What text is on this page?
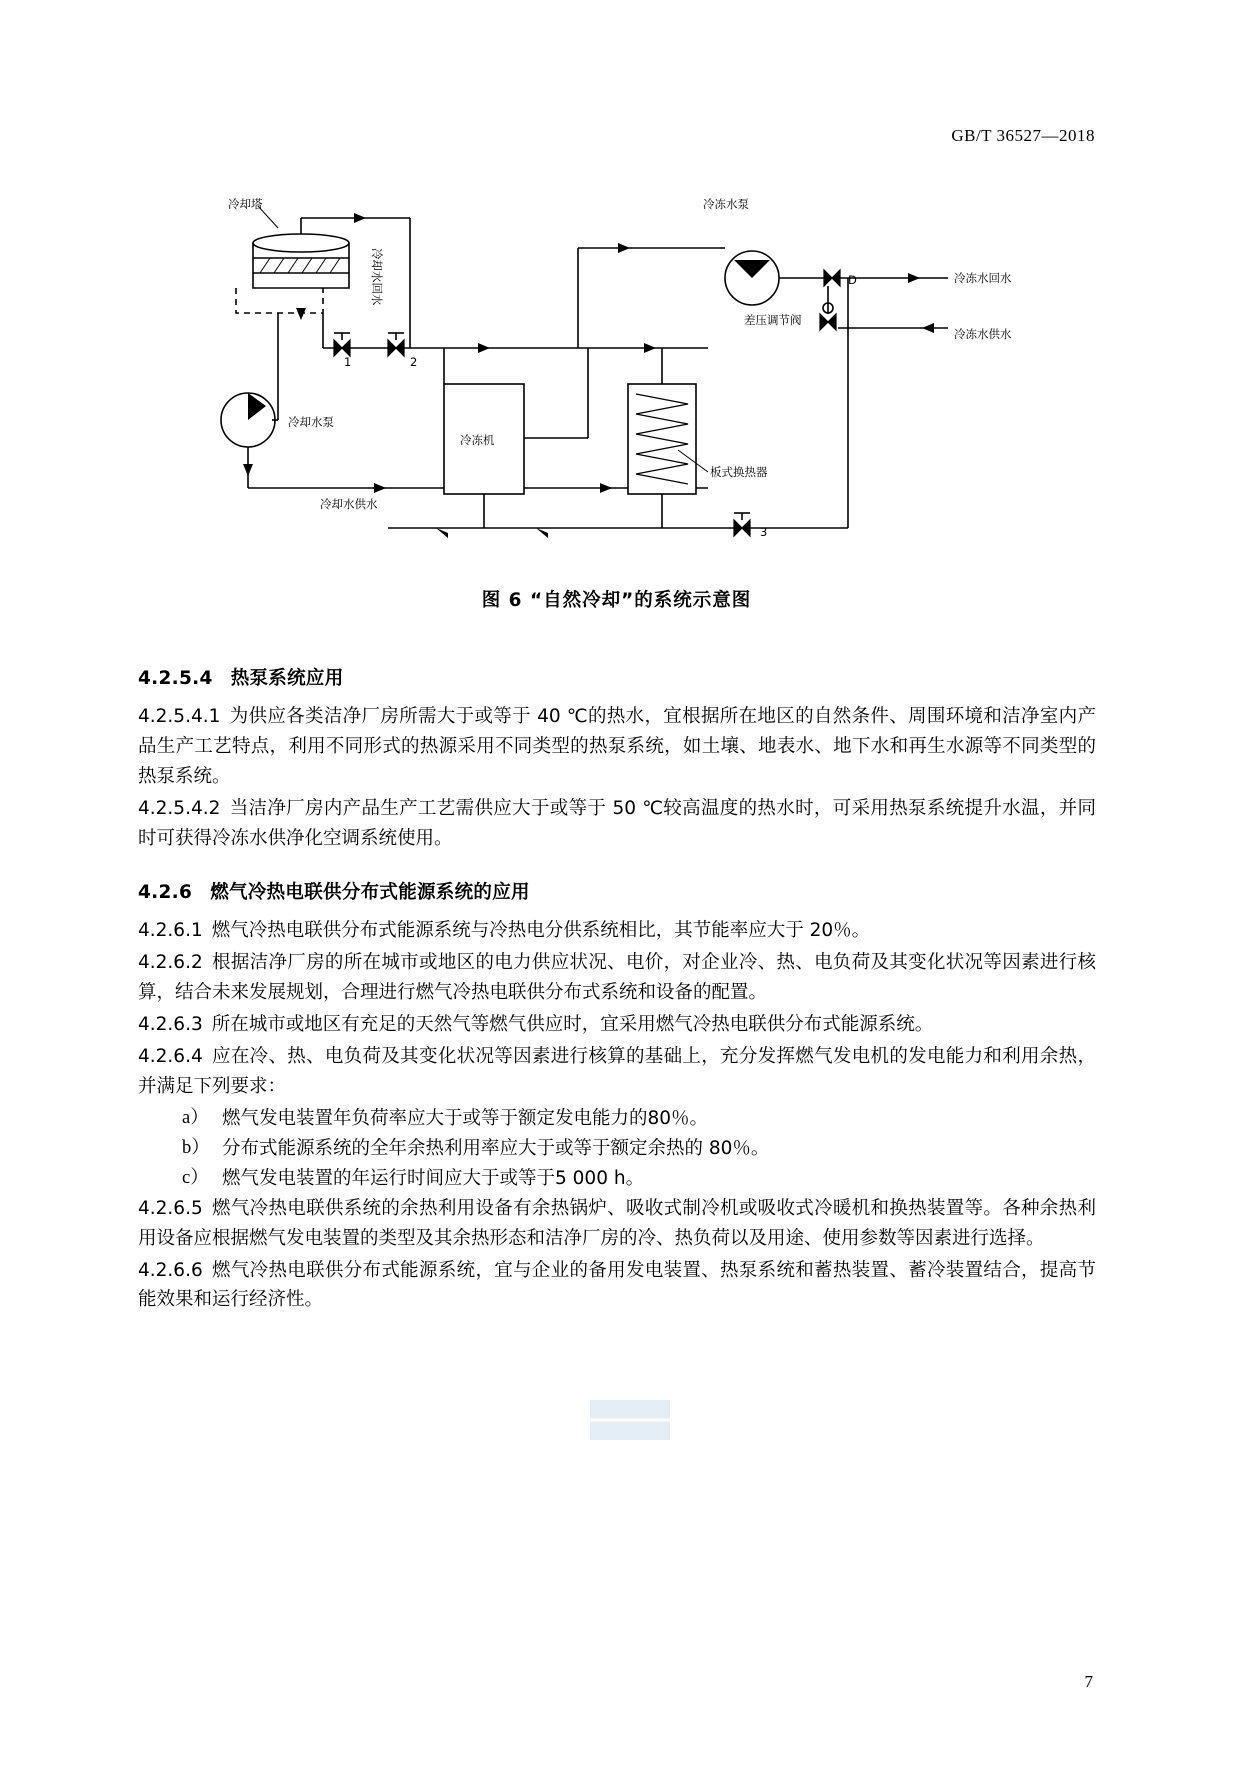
GB/T 36527—2018
冷却塔
冷却水回水
冷冻水泵
冷冻水回水
冷冻水供水
差压调节阀
D
1	2
3
冷却水泵
冷冻机
板式换热器
冷却水供水
图 6 “自然冷却”的系统示意图
4.2.5.4 热泵系统应用

4.2.5.4.1 为供应各类洁净厂房所需大于或等于 40 ℃的热水，宜根据所在地区的自然条件、周围环境和洁净室内产品生产工艺特点，利用不同形式的热源采用不同类型的热泵系统，如土壤、地表水、地下水和再生水源等不同类型的热泵系统。

4.2.5.4.2 当洁净厂房内产品生产工艺需供应大于或等于 50 ℃较高温度的热水时，可采用热泵系统提升水温，并同时可获得冷冻水供净化空调系统使用。

4.2.6 燃气冷热电联供分布式能源系统的应用

4.2.6.1 燃气冷热电联供分布式能源系统与冷热电分供系统相比，其节能率应大于 20％。

4.2.6.2 根据洁净厂房的所在城市或地区的电力供应状况、电价，对企业冷、热、电负荷及其变化状况等因素进行核算，结合未来发展规划，合理进行燃气冷热电联供分布式系统和设备的配置。

4.2.6.3 所在城市或地区有充足的天然气等燃气供应时，宜采用燃气冷热电联供分布式能源系统。

4.2.6.4 应在冷、热、电负荷及其变化状况等因素进行核算的基础上，充分发挥燃气发电机的发电能力和利用余热，并满足下列要求：

a） 燃气发电装置年负荷率应大于或等于额定发电能力的80％。

b） 分布式能源系统的全年余热利用率应大于或等于额定余热的 80％。

c） 燃气发电装置的年运行时间应大于或等于5 000 h。

4.2.6.5 燃气冷热电联供系统的余热利用设备有余热锅炉、吸收式制冷机或吸收式冷暖机和换热装置等。各种余热利用设备应根据燃气发电装置的类型及其余热形态和洁净厂房的冷、热负荷以及用途、使用参数等因素进行选择。

4.2.6.6 燃气冷热电联供分布式能源系统，宜与企业的备用发电装置、热泵系统和蓄热装置、蓄冷装置结合，提高节能效果和运行经济性。

7
